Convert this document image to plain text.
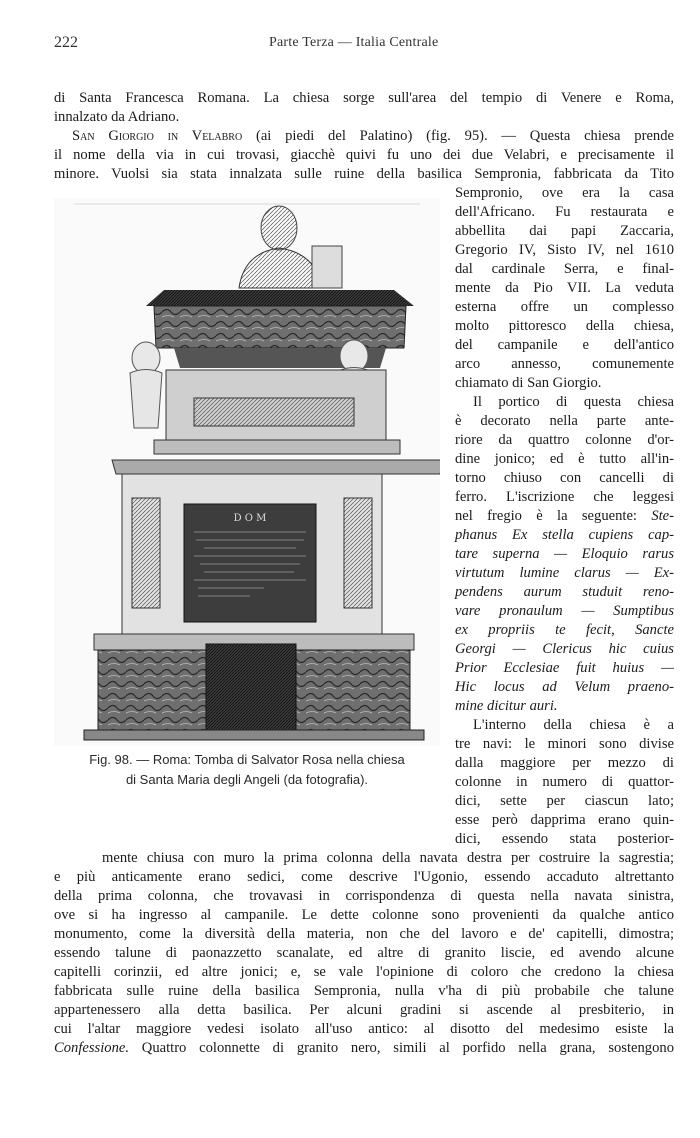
222	Parte Terza — Italia Centrale
di Santa Francesca Romana. La chiesa sorge sull'area del tempio di Venere e Roma,
innalzato da Adriano.
San Giorgio in Velabro (ai piedi del Palatino) (fig. 95). — Questa chiesa prende
il nome della via in cui trovasi, giacchè quivi fu uno dei due Velabri, e precisamente il
minore. Vuolsi sia stata innalzata sulle ruine della basilica Sempronia, fabbricata da Tito
D O M
Fig. 98. — Roma: Tomba di Salvator Rosa nella chiesa
di Santa Maria degli Angeli (da fotografia).
Sempronio, ove era la casa
dell'Africano. Fu restaurata e
abbellita dai papi Zaccaria,
Gregorio IV, Sisto IV, nel 1610
dal cardinale Serra, e final-
mente da Pio VII. La veduta
esterna offre un complesso
molto pittoresco della chiesa,
del campanile e dell'antico
arco annesso, comunemente
chiamato di San Giorgio.
Il portico di questa chiesa
è decorato nella parte ante-
riore da quattro colonne d'or-
dine jonico; ed è tutto all'in-
torno chiuso con cancelli di
ferro. L'iscrizione che leggesi
nel fregio è la seguente: Ste-
phanus Ex stella cupiens cap-
tare superna — Eloquio rarus
virtutum lumine clarus — Ex-
pendens aurum studuit reno-
vare pronaulum — Sumptibus
ex propriis te fecit, Sancte
Georgi — Clericus hic cuius
Prior Ecclesiae fuit huius —
Hic locus ad Velum praeno-
mine dicitur auri.
L'interno della chiesa è a
tre navi: le minori sono divise
dalla maggiore per mezzo di
colonne in numero di quattor-
dici, sette per ciascun lato;
esse però dapprima erano quin-
dici, essendo stata posterior-
mente chiusa con muro la prima colonna della navata destra per costruire la sagrestia;
e più anticamente erano sedici, come descrive l'Ugonio, essendo accaduto altrettanto
della prima colonna, che trovavasi in corrispondenza di questa nella navata sinistra,
ove si ha ingresso al campanile. Le dette colonne sono provenienti da qualche antico
monumento, come la diversità della materia, non che del lavoro e de' capitelli, dimostra;
essendo talune di paonazzetto scanalate, ed altre di granito liscie, ed avendo alcune
capitelli corinzii, ed altre jonici; e, se vale l'opinione di coloro che credono la chiesa
fabbricata sulle ruine della basilica Sempronia, nulla v'ha di più probabile che talune
appartenessero alla detta basilica. Per alcuni gradini si ascende al presbiterio, in
cui l'altar maggiore vedesi isolato all'uso antico: al disotto del medesimo esiste la
Confessione. Quattro colonnette di granito nero, simili al porfido nella grana, sostengono
